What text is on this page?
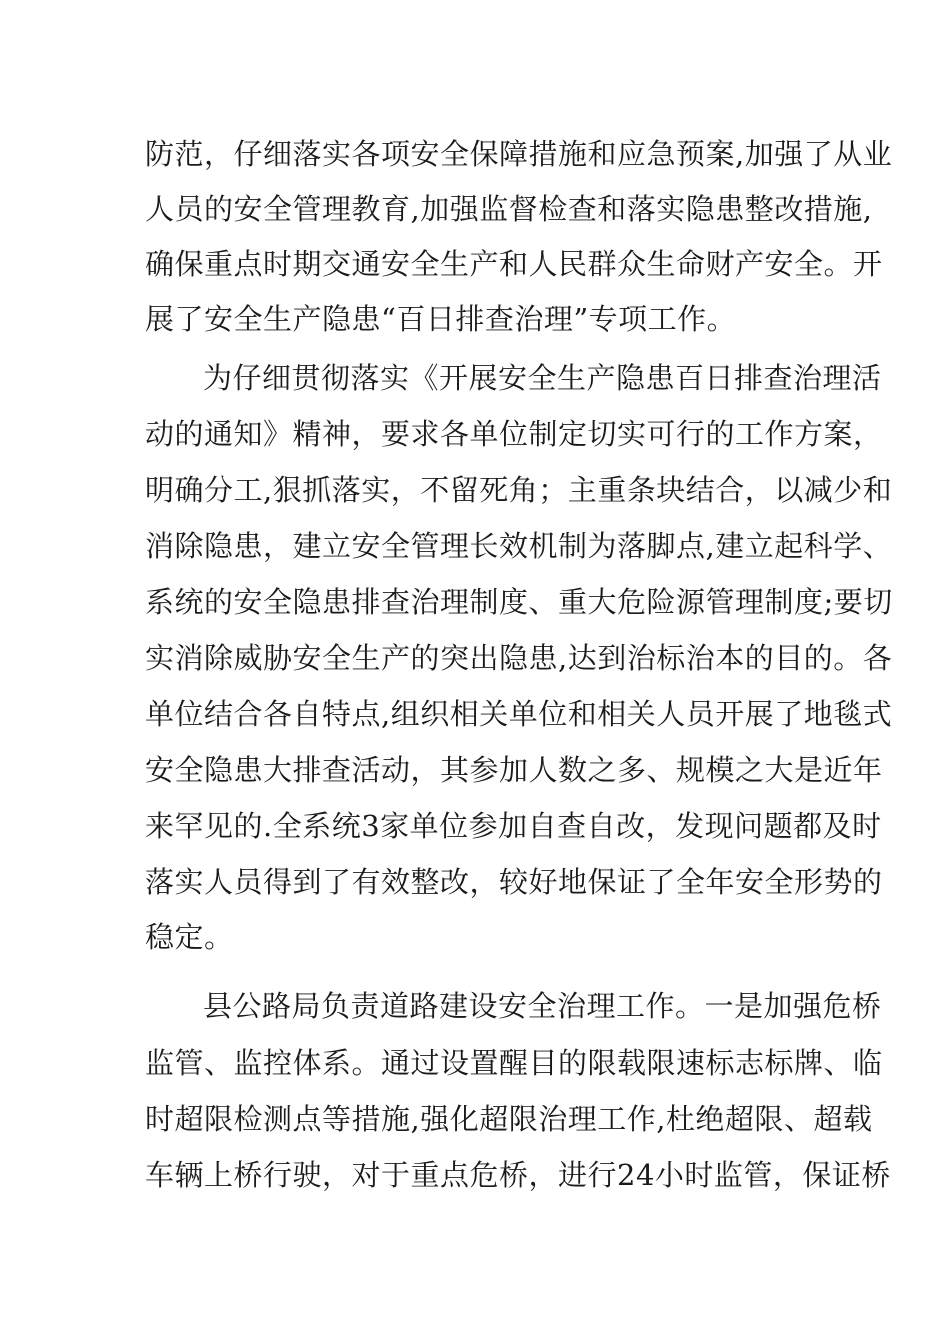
防范，仔细落实各项安全保障措施和应急预案,加强了从业
人员的安全管理教育,加强监督检查和落实隐患整改措施,
确保重点时期交通安全生产和人民群众生命财产安全。开
展了安全生产隐患“百日排查治理”专项工作。
为仔细贯彻落实《开展安全生产隐患百日排查治理活
动的通知》精神，要求各单位制定切实可行的工作方案，
明确分工,狠抓落实，不留死角；主重条块结合，以减少和
消除隐患，建立安全管理长效机制为落脚点,建立起科学、
系统的安全隐患排查治理制度、重大危险源管理制度;要切
实消除威胁安全生产的突出隐患,达到治标治本的目的。各
单位结合各自特点,组织相关单位和相关人员开展了地毯式
安全隐患大排查活动，其参加人数之多、规模之大是近年
来罕见的.全系统3家单位参加自查自改，发现问题都及时
落实人员得到了有效整改，较好地保证了全年安全形势的
稳定。
县公路局负责道路建设安全治理工作。一是加强危桥
监管、监控体系。通过设置醒目的限载限速标志标牌、临
时超限检测点等措施,强化超限治理工作,杜绝超限、超载
车辆上桥行驶，对于重点危桥，进行24小时监管，保证桥
